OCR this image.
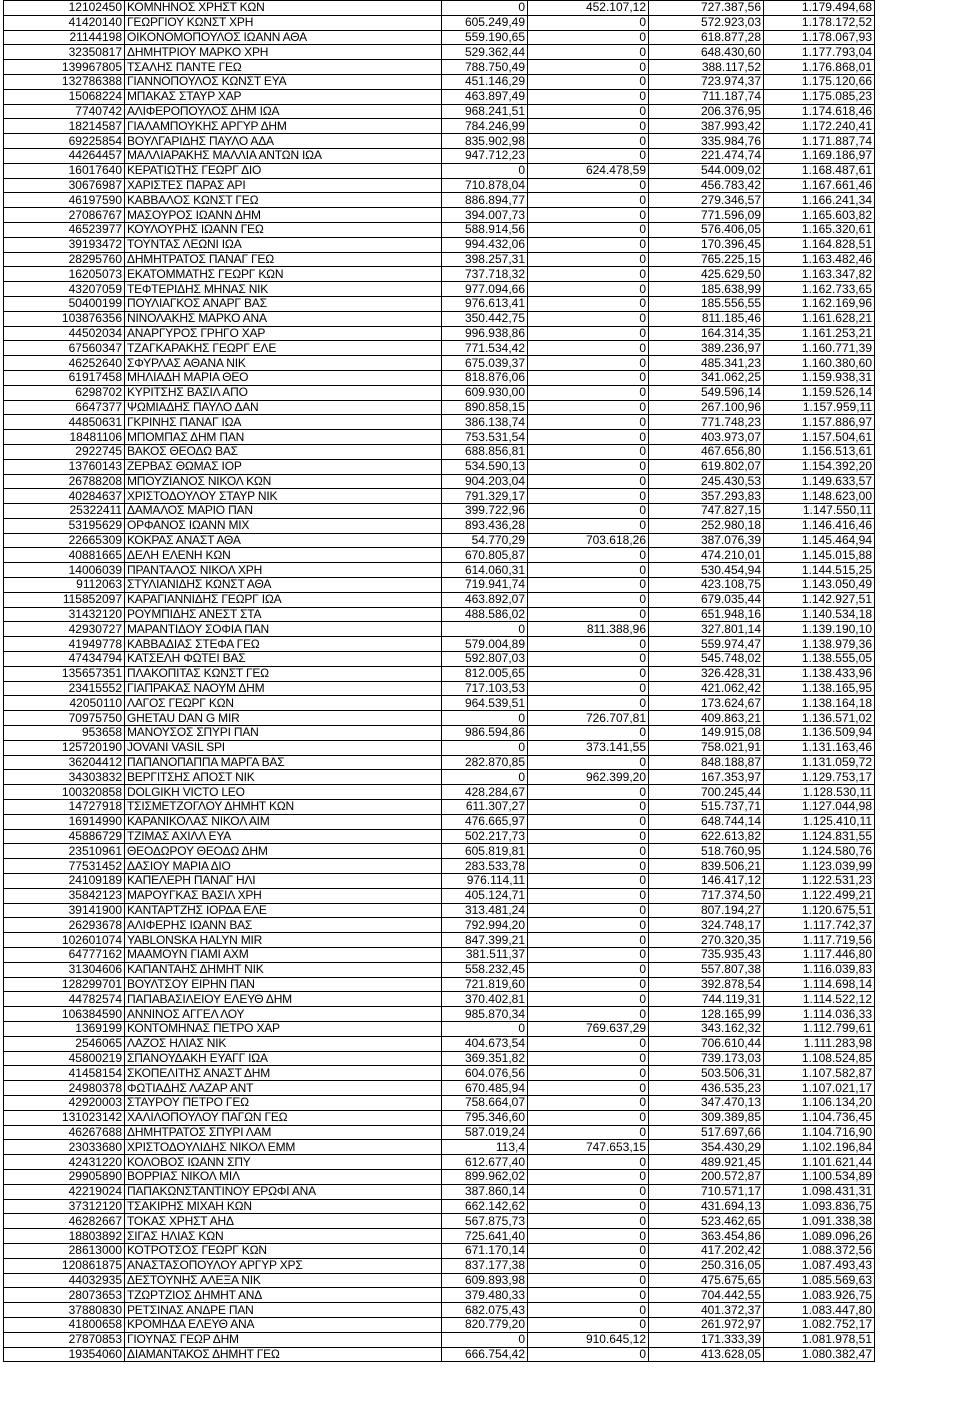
12102450	ΚΟΜΝΗΝΟΣ ΧΡΗΣΤ ΚΩΝ	0	452.107,12	727.387,56	1.179.494,68
41420140	ΓΕΩΡΓΙΟΥ ΚΩΝΣΤ ΧΡΗ	605.249,49	0	572.923,03	1.178.172,52
21144198	ΟΙΚΟΝΟΜΟΠΟΥΛΟΣ ΙΩΑΝΝ ΑΘΑ	559.190,65	0	618.877,28	1.178.067,93
32350817	ΔΗΜΗΤΡΙΟΥ ΜΑΡΚΟ ΧΡΗ	529.362,44	0	648.430,60	1.177.793,04
139967805	ΤΣΑΛΗΣ ΠΑΝΤΕ ΓΕΩ	788.750,49	0	388.117,52	1.176.868,01
132786388	ΓΙΑΝΝΟΠΟΥΛΟΣ ΚΩΝΣΤ ΕΥΑ	451.146,29	0	723.974,37	1.175.120,66
15068224	ΜΠΑΚΑΣ ΣΤΑΥΡ ΧΑΡ	463.897,49	0	711.187,74	1.175.085,23
7740742	ΑΛΙΦΕΡΟΠΟΥΛΟΣ ΔΗΜ ΙΩΑ	968.241,51	0	206.376,95	1.174.618,46
18214587	ΓΙΑΛΑΜΠΟΥΚΗΣ ΑΡΓΥΡ ΔΗΜ	784.246,99	0	387.993,42	1.172.240,41
69225854	ΒΟΥΛΓΑΡΙΔΗΣ ΠΑΥΛΟ ΑΔΑ	835.902,98	0	335.984,76	1.171.887,74
44264457	ΜΑΛΛΙΑΡΑΚΗΣ ΜΑΛΛΙΑ ΑΝΤΩΝ ΙΩΑ	947.712,23	0	221.474,74	1.169.186,97
16017640	ΚΕΡΑΤΙΩΤΗΣ ΓΕΩΡΓ ΔΙΟ	0	624.478,59	544.009,02	1.168.487,61
30676987	ΧΑΡΙΣΤΕΣ ΠΑΡΑΣ ΑΡΙ	710.878,04	0	456.783,42	1.167.661,46
46197590	ΚΑΒΒΑΛΟΣ ΚΩΝΣΤ ΓΕΩ	886.894,77	0	279.346,57	1.166.241,34
27086767	ΜΑΣΟΥΡΟΣ ΙΩΑΝΝ ΔΗΜ	394.007,73	0	771.596,09	1.165.603,82
46523977	ΚΟΥΛΟΥΡΗΣ ΙΩΑΝΝ ΓΕΩ	588.914,56	0	576.406,05	1.165.320,61
39193472	ΤΟΥΝΤΑΣ ΛΕΩΝΙ ΙΩΑ	994.432,06	0	170.396,45	1.164.828,51
28295760	ΔΗΜΗΤΡΑΤΟΣ ΠΑΝΑΓ ΓΕΩ	398.257,31	0	765.225,15	1.163.482,46
16205073	ΕΚΑΤΟΜΜΑΤΗΣ ΓΕΩΡΓ ΚΩΝ	737.718,32	0	425.629,50	1.163.347,82
43207059	ΤΕΦΤΕΡΙΔΗΣ ΜΗΝΑΣ ΝΙΚ	977.094,66	0	185.638,99	1.162.733,65
50400199	ΠΟΥΛΙΑΓΚΟΣ ΑΝΑΡΓ ΒΑΣ	976.613,41	0	185.556,55	1.162.169,96
103876356	ΝΙΝΟΛΑΚΗΣ ΜΑΡΚΟ ΑΝΑ	350.442,75	0	811.185,46	1.161.628,21
44502034	ΑΝΑΡΓΥΡΟΣ ΓΡΗΓΟ ΧΑΡ	996.938,86	0	164.314,35	1.161.253,21
67560347	ΤΖΑΓΚΑΡΑΚΗΣ ΓΕΩΡΓ ΕΛΕ	771.534,42	0	389.236,97	1.160.771,39
46252640	ΣΦΥΡΛΑΣ ΑΘΑΝΑ ΝΙΚ	675.039,37	0	485.341,23	1.160.380,60
61917458	ΜΗΛΙΑΔΗ ΜΑΡΙΑ ΘΕΟ	818.876,06	0	341.062,25	1.159.938,31
6298702	ΚΥΡΙΤΣΗΣ ΒΑΣΙΛ ΑΠΟ	609.930,00	0	549.596,14	1.159.526,14
6647377	ΨΩΜΙΑΔΗΣ ΠΑΥΛΟ ΔΑΝ	890.858,15	0	267.100,96	1.157.959,11
44850631	ΓΚΡΙΝΗΣ ΠΑΝΑΓ ΙΩΑ	386.138,74	0	771.748,23	1.157.886,97
18481106	ΜΠΟΜΠΑΣ ΔΗΜ ΠΑΝ	753.531,54	0	403.973,07	1.157.504,61
2922745	ΒΑΚΟΣ ΘΕΟΔΩ ΒΑΣ	688.856,81	0	467.656,80	1.156.513,61
13760143	ΖΕΡΒΑΣ ΘΩΜΑΣ ΙΟΡ	534.590,13	0	619.802,07	1.154.392,20
26788208	ΜΠΟΥΖΙΑΝΟΣ ΝΙΚΟΛ ΚΩΝ	904.203,04	0	245.430,53	1.149.633,57
40284637	ΧΡΙΣΤΟΔΟΥΛΟΥ ΣΤΑΥΡ ΝΙΚ	791.329,17	0	357.293,83	1.148.623,00
25322411	ΔΑΜΑΛΟΣ ΜΑΡΙΟ ΠΑΝ	399.722,96	0	747.827,15	1.147.550,11
53195629	ΟΡΦΑΝΟΣ ΙΩΑΝΝ ΜΙΧ	893.436,28	0	252.980,18	1.146.416,46
22665309	ΚΟΚΡΑΣ ΑΝΑΣΤ ΑΘΑ	54.770,29	703.618,26	387.076,39	1.145.464,94
40881665	ΔΕΛΗ ΕΛΕΝΗ ΚΩΝ	670.805,87	0	474.210,01	1.145.015,88
14006039	ΠΡΑΝΤΑΛΟΣ ΝΙΚΟΛ ΧΡΗ	614.060,31	0	530.454,94	1.144.515,25
9112063	ΣΤΥΛΙΑΝΙΔΗΣ ΚΩΝΣΤ ΑΘΑ	719.941,74	0	423.108,75	1.143.050,49
115852097	ΚΑΡΑΓΙΑΝΝΙΔΗΣ ΓΕΩΡΓ ΙΩΑ	463.892,07	0	679.035,44	1.142.927,51
31432120	ΡΟΥΜΠΙΔΗΣ ΑΝΕΣΤ ΣΤΑ	488.586,02	0	651.948,16	1.140.534,18
42930727	ΜΑΡΑΝΤΙΔΟΥ ΣΟΦΙΑ ΠΑΝ	0	811.388,96	327.801,14	1.139.190,10
41949778	ΚΑΒΒΑΔΙΑΣ ΣΤΕΦΑ ΓΕΩ	579.004,89	0	559.974,47	1.138.979,36
47434794	ΚΑΤΣΕΛΗ ΦΩΤΕΙ ΒΑΣ	592.807,03	0	545.748,02	1.138.555,05
135657351	ΠΛΑΚΟΠΙΤΑΣ ΚΩΝΣΤ ΓΕΩ	812.005,65	0	326.428,31	1.138.433,96
23415552	ΓΙΑΠΡΑΚΑΣ ΝΑΟΥΜ ΔΗΜ	717.103,53	0	421.062,42	1.138.165,95
42050110	ΛΑΓΟΣ ΓΕΩΡΓ ΚΩΝ	964.539,51	0	173.624,67	1.138.164,18
70975750	GHETAU DAN G MIR	0	726.707,81	409.863,21	1.136.571,02
953658	ΜΑΝΟΥΣΟΣ ΣΠΥΡΙ ΠΑΝ	986.594,86	0	149.915,08	1.136.509,94
125720190	JOVANI VASIL SPI	0	373.141,55	758.021,91	1.131.163,46
36204412	ΠΑΠΑΝΟΠΑΠΠΑ ΜΑΡΓΑ ΒΑΣ	282.870,85	0	848.188,87	1.131.059,72
34303832	ΒΕΡΓΙΤΣΗΣ ΑΠΟΣΤ ΝΙΚ	0	962.399,20	167.353,97	1.129.753,17
100320858	DOLGIKH VICTO LEO	428.284,67	0	700.245,44	1.128.530,11
14727918	ΤΣΙΣΜΕΤΖΟΓΛΟΥ ΔΗΜΗΤ ΚΩΝ	611.307,27	0	515.737,71	1.127.044,98
16914990	ΚΑΡΑΝΙΚΟΛΑΣ ΝΙΚΟΛ ΑΙΜ	476.665,97	0	648.744,14	1.125.410,11
45886729	ΤΖΙΜΑΣ ΑΧΙΛΛ ΕΥΑ	502.217,73	0	622.613,82	1.124.831,55
23510961	ΘΕΟΔΩΡΟΥ ΘΕΟΔΩ ΔΗΜ	605.819,81	0	518.760,95	1.124.580,76
77531452	ΔΑΣΙΟΥ ΜΑΡΙΑ ΔΙΟ	283.533,78	0	839.506,21	1.123.039,99
24109189	ΚΑΠΕΛΕΡΗ ΠΑΝΑΓ ΗΛΙ	976.114,11	0	146.417,12	1.122.531,23
35842123	ΜΑΡΟΥΓΚΑΣ ΒΑΣΙΛ ΧΡΗ	405.124,71	0	717.374,50	1.122.499,21
39141900	ΚΑΝΤΑΡΤΖΗΣ ΙΟΡΔΑ ΕΛΕ	313.481,24	0	807.194,27	1.120.675,51
26293678	ΑΛΙΦΕΡΗΣ ΙΩΑΝΝ ΒΑΣ	792.994,20	0	324.748,17	1.117.742,37
102601074	YABLONSKA HALYN MIR	847.399,21	0	270.320,35	1.117.719,56
64777162	ΜΑΑΜΟΥΝ ΓΙΑΜΙ ΑΧΜ	381.511,37	0	735.935,43	1.117.446,80
31304606	ΚΑΠΑΝΤΑΗΣ ΔΗΜΗΤ ΝΙΚ	558.232,45	0	557.807,38	1.116.039,83
128299701	ΒΟΥΛΤΣΟΥ ΕΙΡΗΝ ΠΑΝ	721.819,60	0	392.878,54	1.114.698,14
44782574	ΠΑΠΑΒΑΣΙΛΕΙΟΥ ΕΛΕΥΘ ΔΗΜ	370.402,81	0	744.119,31	1.114.522,12
106384590	ΑΝΝΙΝΟΣ ΑΓΓΕΛ ΛΟΥ	985.870,34	0	128.165,99	1.114.036,33
1369199	ΚΟΝΤΟΜΗΝΑΣ ΠΕΤΡΟ ΧΑΡ	0	769.637,29	343.162,32	1.112.799,61
2546065	ΛΑΖΟΣ ΗΛΙΑΣ ΝΙΚ	404.673,54	0	706.610,44	1.111.283,98
45800219	ΣΠΑΝΟΥΔΑΚΗ ΕΥΑΓΓ ΙΩΑ	369.351,82	0	739.173,03	1.108.524,85
41458154	ΣΚΟΠΕΛΙΤΗΣ ΑΝΑΣΤ ΔΗΜ	604.076,56	0	503.506,31	1.107.582,87
24980378	ΦΩΤΙΑΔΗΣ ΛΑΖΑΡ ΑΝΤ	670.485,94	0	436.535,23	1.107.021,17
42920003	ΣΤΑΥΡΟΥ ΠΕΤΡΟ ΓΕΩ	758.664,07	0	347.470,13	1.106.134,20
131023142	ΧΑΛΙΛΟΠΟΥΛΟΥ ΠΑΓΩΝ ΓΕΩ	795.346,60	0	309.389,85	1.104.736,45
46267688	ΔΗΜΗΤΡΑΤΟΣ ΣΠΥΡΙ ΛΑΜ	587.019,24	0	517.697,66	1.104.716,90
23033680	ΧΡΙΣΤΟΔΟΥΛΙΔΗΣ ΝΙΚΟΛ ΕΜΜ	113,4	747.653,15	354.430,29	1.102.196,84
42431220	ΚΟΛΟΒΟΣ ΙΩΑΝΝ ΣΠΥ	612.677,40	0	489.921,45	1.101.621,44
29905890	ΒΟΡΡΙΑΣ ΝΙΚΟΛ ΜΙΛ	899.962,02	0	200.572,87	1.100.534,89
42219024	ΠΑΠΑΚΩΝΣΤΑΝΤΙΝΟΥ ΕΡΩΦΙ ΑΝΑ	387.860,14	0	710.571,17	1.098.431,31
37312120	ΤΣΑΚΙΡΗΣ ΜΙΧΑΗ ΚΩΝ	662.142,62	0	431.694,13	1.093.836,75
46282667	ΤΟΚΑΣ ΧΡΗΣΤ ΑΗΔ	567.875,73	0	523.462,65	1.091.338,38
18803892	ΣΙΓΑΣ ΗΛΙΑΣ ΚΩΝ	725.641,40	0	363.454,86	1.089.096,26
28613000	ΚΟΤΡΟΤΣΟΣ ΓΕΩΡΓ ΚΩΝ	671.170,14	0	417.202,42	1.088.372,56
120861875	ΑΝΑΣΤΑΣΟΠΟΥΛΟΥ ΑΡΓΥΡ ΧΡΣ	837.177,38	0	250.316,05	1.087.493,43
44032935	ΔΕΣΤΟΥΝΗΣ ΑΛΕΞΑ ΝΙΚ	609.893,98	0	475.675,65	1.085.569,63
28073653	ΤΖΩΡΤΖΙΟΣ ΔΗΜΗΤ ΑΝΔ	379.480,33	0	704.442,55	1.083.926,75
37880830	ΡΕΤΣΙΝΑΣ ΑΝΔΡΕ ΠΑΝ	682.075,43	0	401.372,37	1.083.447,80
41800658	ΚΡΟΜΗΔΑ ΕΛΕΥΘ ΑΝΑ	820.779,20	0	261.972,97	1.082.752,17
27870853	ΓΙΟΥΝΑΣ ΓΕΩΡ ΔΗΜ	0	910.645,12	171.333,39	1.081.978,51
19354060	ΔΙΑΜΑΝΤΑΚΟΣ ΔΗΜΗΤ ΓΕΩ	666.754,42	0	413.628,05	1.080.382,47
